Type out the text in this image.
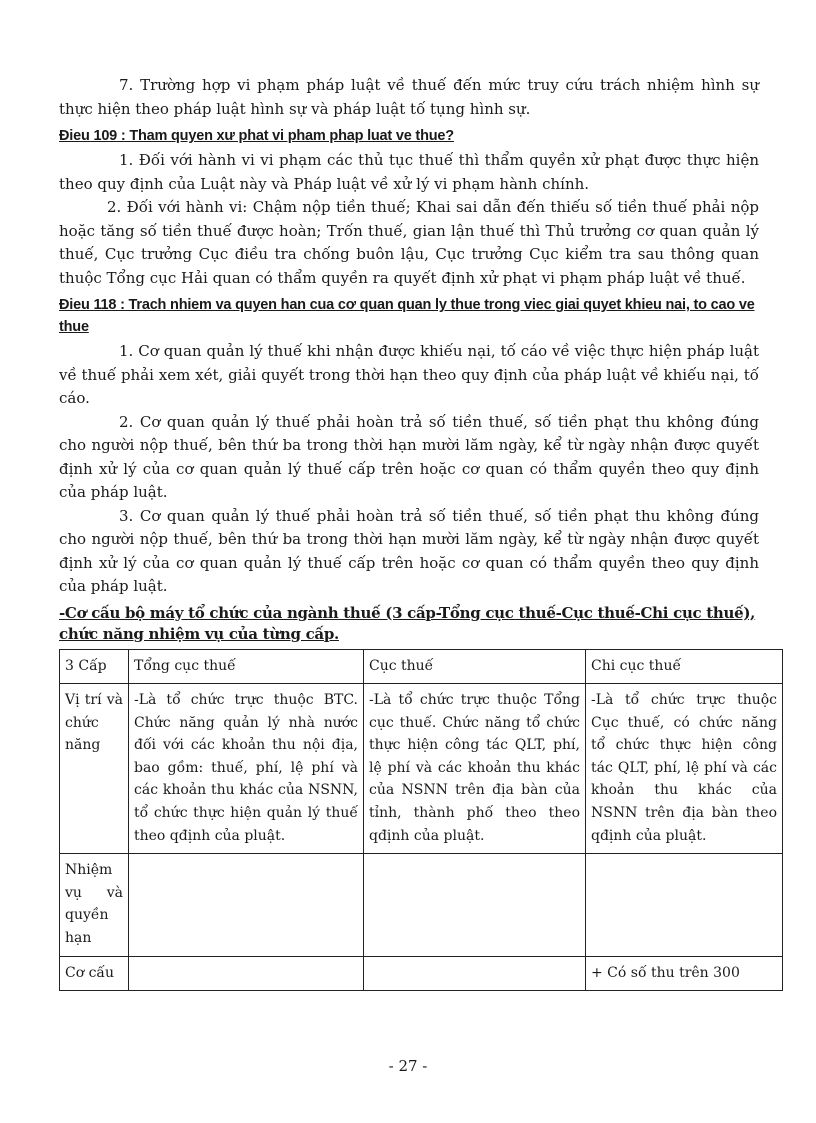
7. Trường hợp vi phạm pháp luật về thuế đến mức truy cứu trách nhiệm hình sự thực hiện theo pháp luật hình sự và pháp luật tố tụng hình sự.

Đieu 109 : Tham quyen xư phat vi pham phap luat ve thue?

1. Đối với hành vi vi phạm các thủ tục thuế thì thẩm quyền xử phạt được thực hiện theo quy định của Luật này và Pháp luật về xử lý vi phạm hành chính.

2. Đối với hành vi: Chậm nộp tiền thuế; Khai sai dẫn đến thiếu số tiền thuế phải nộp hoặc tăng số tiền thuế được hoàn; Trốn thuế, gian lận thuế thì Thủ trưởng cơ quan quản lý thuế, Cục trưởng Cục điều tra chống buôn lậu, Cục trưởng Cục kiểm tra sau thông quan thuộc Tổng cục Hải quan có thẩm quyền ra quyết định xử phạt vi phạm pháp luật về thuế.

Đieu 118 : Trach nhiem va quyen han cua cơ quan quan ly thue trong viec giai quyet khieu nai, to cao ve thue

1. Cơ quan quản lý thuế khi nhận được khiếu nại, tố cáo về việc thực hiện pháp luật về thuế phải xem xét, giải quyết trong thời hạn theo quy định của pháp luật về khiếu nại, tố cáo.

2. Cơ quan quản lý thuế phải hoàn trả số tiền thuế, số tiền phạt thu không đúng cho người nộp thuế, bên thứ ba trong thời hạn mười lăm ngày, kể từ ngày nhận được quyết định xử lý của cơ quan quản lý thuế cấp trên hoặc cơ quan có thẩm quyền theo quy định của pháp luật.

3. Cơ quan quản lý thuế phải hoàn trả số tiền thuế, số tiền phạt thu không đúng cho người nộp thuế, bên thứ ba trong thời hạn mười lăm ngày, kể từ ngày nhận được quyết định xử lý của cơ quan quản lý thuế cấp trên hoặc cơ quan có thẩm quyền theo quy định của pháp luật.

-Cơ cấu bộ máy tổ chức của ngành thuế (3 cấp-Tổng cục thuế-Cục thuế-Chi cục thuế), chức năng nhiệm vụ của từng cấp.
3 Cấp	Tổng cục thuế	Cục thuế	Chi cục thuế
Vị trí và chức năng	-Là tổ chức trực thuộc BTC. Chức năng quản lý nhà nước đối với các khoản thu nội địa, bao gồm: thuế, phí, lệ phí và các khoản thu khác của NSNN, tổ chức thực hiện quản lý thuế theo qđịnh của pluật.	-Là tổ chức trực thuộc Tổng cục thuế. Chức năng tổ chức thực hiện công tác QLT, phí, lệ phí và các khoản thu khác của NSNN trên địa bàn của tỉnh, thành phố theo theo qđịnh của pluật.	-Là tổ chức trực thuộc Cục thuế, có chức năng tổ chức thực hiện công tác QLT, phí, lệ phí và các khoản thu khác của NSNN trên địa bàn theo qđịnh của pluật.
Nhiệm vụ và quyền hạn			
Cơ cấu			+ Có số thu trên 300
- 27 -
